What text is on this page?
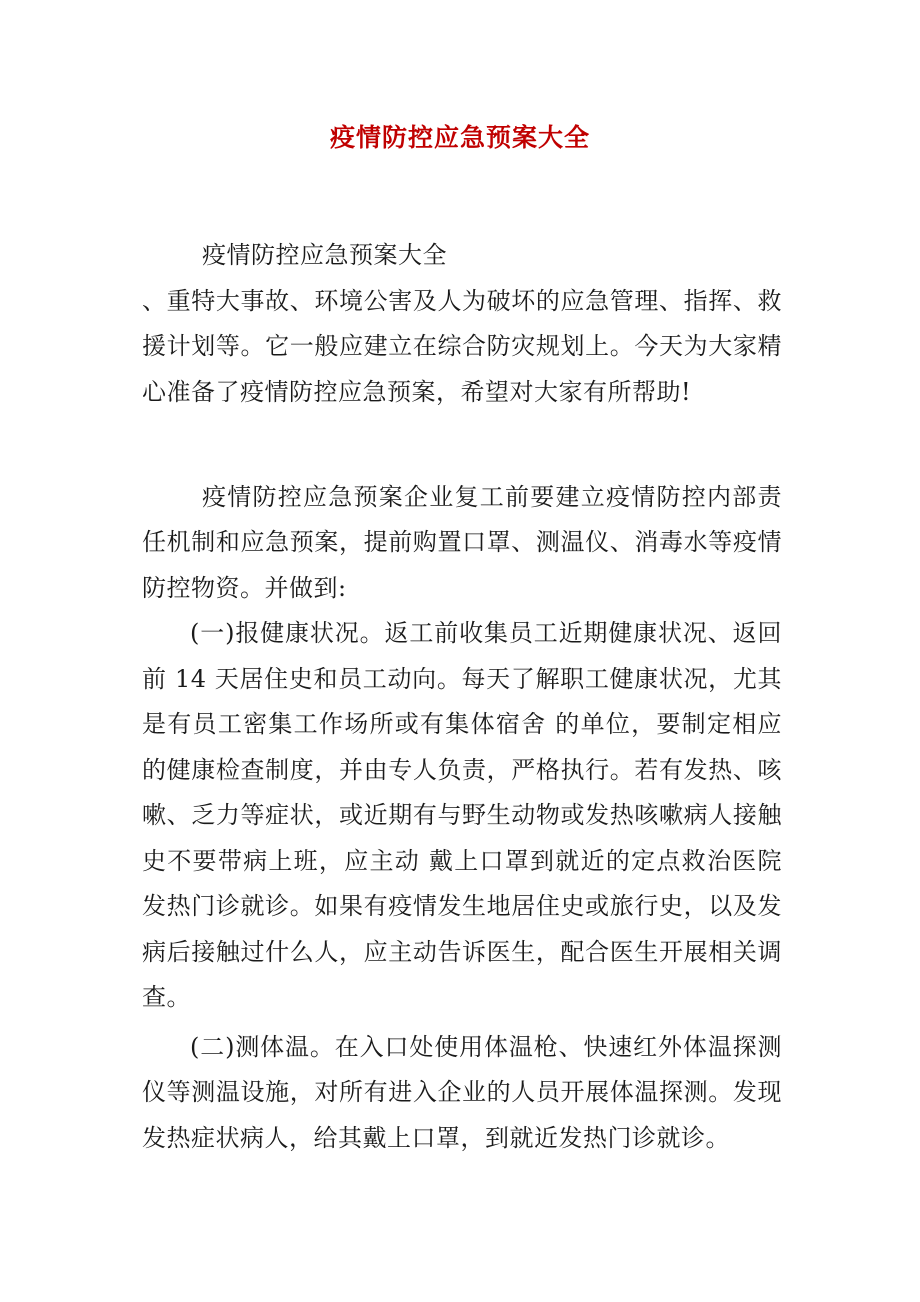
疫情防控应急预案大全

疫情防控应急预案大全

、重特大事故、环境公害及人为破坏的应急管理、指挥、救援计划等。它一般应建立在综合防灾规划上。今天为大家精心准备了疫情防控应急预案，希望对大家有所帮助!

疫情防控应急预案企业复工前要建立疫情防控内部责任机制和应急预案，提前购置口罩、测温仪、消毒水等疫情防控物资。并做到:

(一)报健康状况。返工前收集员工近期健康状况、返回前 14 天居住史和员工动向。每天了解职工健康状况，尤其是有员工密集工作场所或有集体宿舍 的单位，要制定相应的健康检查制度，并由专人负责，严格执行。若有发热、咳嗽、乏力等症状，或近期有与野生动物或发热咳嗽病人接触史不要带病上班，应主动 戴上口罩到就近的定点救治医院发热门诊就诊。如果有疫情发生地居住史或旅行史，以及发病后接触过什么人，应主动告诉医生，配合医生开展相关调查。

(二)测体温。在入口处使用体温枪、快速红外体温探测仪等测温设施，对所有进入企业的人员开展体温探测。发现发热症状病人，给其戴上口罩，到就近发热门诊就诊。
